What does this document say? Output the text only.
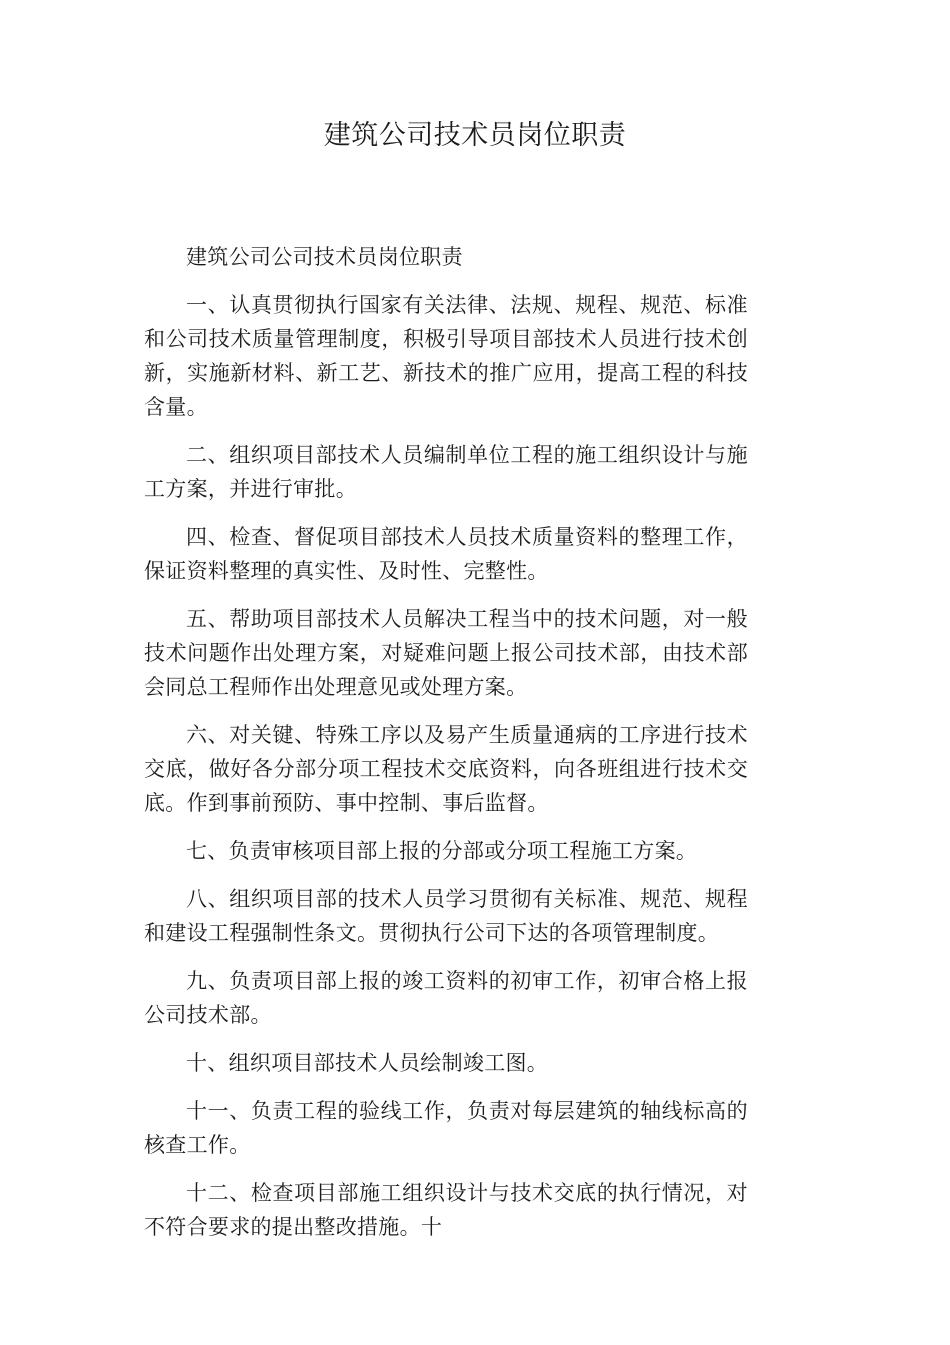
建筑公司技术员岗位职责

建筑公司公司技术员岗位职责

一、认真贯彻执行国家有关法律、法规、规程、规范、标准和公司技术质量管理制度，积极引导项目部技术人员进行技术创新，实施新材料、新工艺、新技术的推广应用，提高工程的科技含量。

二、组织项目部技术人员编制单位工程的施工组织设计与施工方案，并进行审批。

四、检查、督促项目部技术人员技术质量资料的整理工作，保证资料整理的真实性、及时性、完整性。

五、帮助项目部技术人员解决工程当中的技术问题，对一般技术问题作出处理方案，对疑难问题上报公司技术部，由技术部会同总工程师作出处理意见或处理方案。

六、对关键、特殊工序以及易产生质量通病的工序进行技术交底，做好各分部分项工程技术交底资料，向各班组进行技术交底。作到事前预防、事中控制、事后监督。

七、负责审核项目部上报的分部或分项工程施工方案。

八、组织项目部的技术人员学习贯彻有关标准、规范、规程和建设工程强制性条文。贯彻执行公司下达的各项管理制度。

九、负责项目部上报的竣工资料的初审工作，初审合格上报公司技术部。

十、组织项目部技术人员绘制竣工图。

十一、负责工程的验线工作，负责对每层建筑的轴线标高的核查工作。

十二、检查项目部施工组织设计与技术交底的执行情况，对不符合要求的提出整改措施。十
